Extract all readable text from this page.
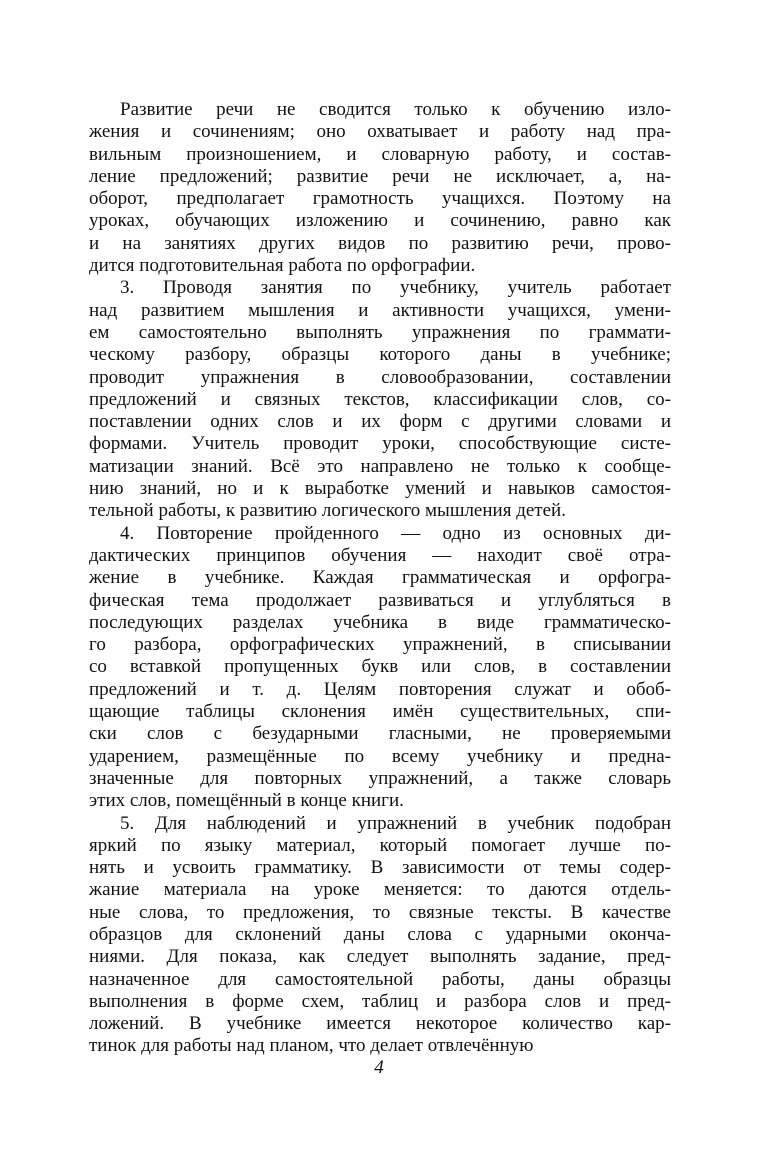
Развитие речи не сводится только к обучению изло-
жения и сочинениям; оно охватывает и работу над пра-
вильным произношением, и словарную работу, и состав-
ление предложений; развитие речи не исключает, а, на-
оборот, предполагает грамотность учащихся. Поэтому на
уроках, обучающих изложению и сочинению, равно как
и на занятиях других видов по развитию речи, прово-
дится подготовительная работа по орфографии.
3. Проводя занятия по учебнику, учитель работает
над развитием мышления и активности учащихся, умени-
ем самостоятельно выполнять упражнения по граммати-
ческому разбору, образцы которого даны в учебнике;
проводит упражнения в словообразовании, составлении
предложений и связных текстов, классификации слов, со-
поставлении одних слов и их форм с другими словами и
формами. Учитель проводит уроки, способствующие систе-
матизации знаний. Всё это направлено не только к сообще-
нию знаний, но и к выработке умений и навыков самостоя-
тельной работы, к развитию логического мышления детей.
4. Повторение пройденного — одно из основных ди-
дактических принципов обучения — находит своё отра-
жение в учебнике. Каждая грамматическая и орфогра-
фическая тема продолжает развиваться и углубляться в
последующих разделах учебника в виде грамматическо-
го разбора, орфографических упражнений, в списывании
со вставкой пропущенных букв или слов, в составлении
предложений и т. д. Целям повторения служат и обоб-
щающие таблицы склонения имён существительных, спи-
ски слов с безударными гласными, не проверяемыми
ударением, размещённые по всему учебнику и предна-
значенные для повторных упражнений, а также словарь
этих слов, помещённый в конце книги.
5. Для наблюдений и упражнений в учебник подобран
яркий по языку материал, который помогает лучше по-
нять и усвоить грамматику. В зависимости от темы содер-
жание материала на уроке меняется: то даются отдель-
ные слова, то предложения, то связные тексты. В качестве
образцов для склонений даны слова с ударными оконча-
ниями. Для показа, как следует выполнять задание, пред-
назначенное для самостоятельной работы, даны образцы
выполнения в форме схем, таблиц и разбора слов и пред-
ложений. В учебнике имеется некоторое количество кар-
тинок для работы над планом, что делает отвлечённую
4
